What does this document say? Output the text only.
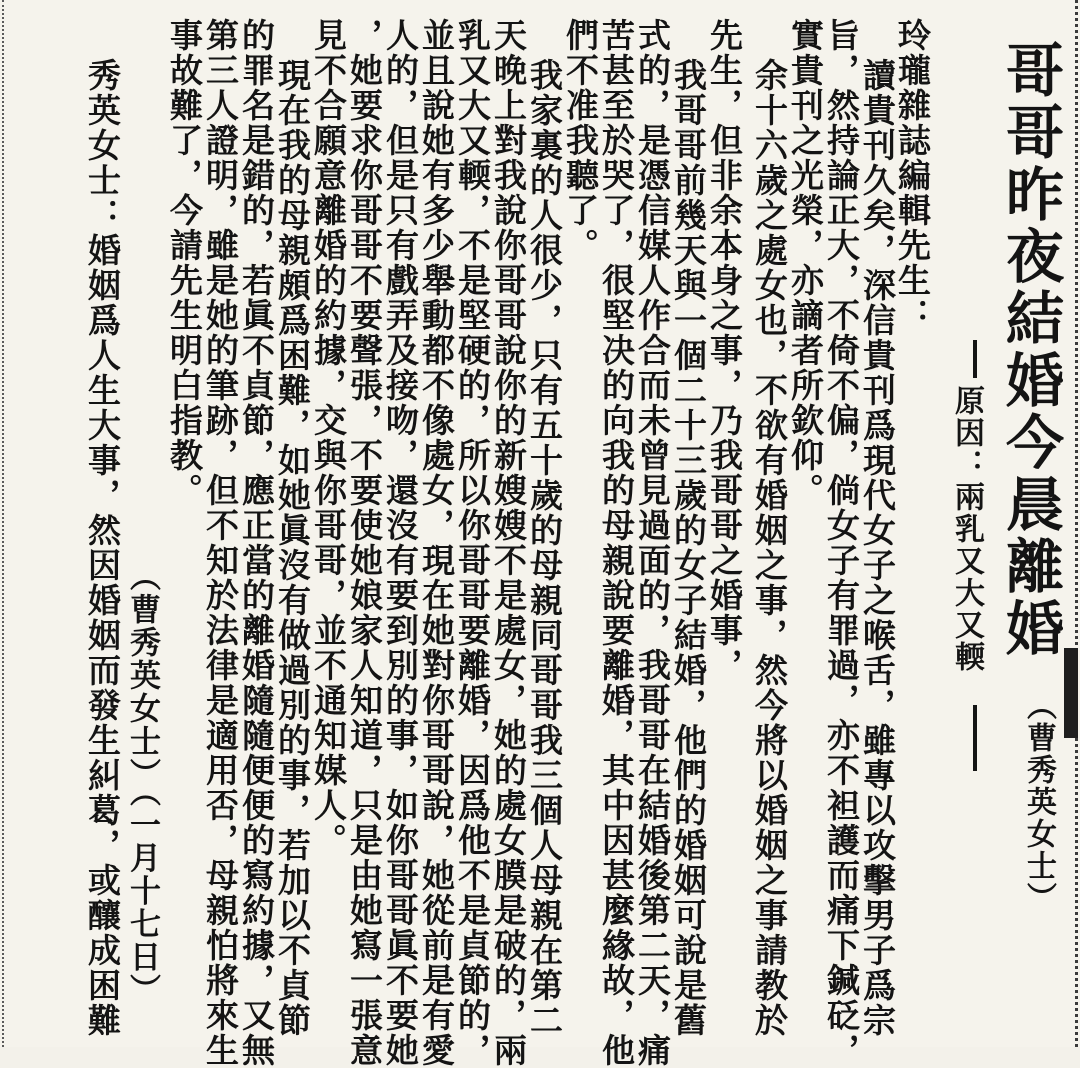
哥哥昨夜結婚今晨離婚
（曹秀英女士）
原因：兩乳又大又輭
玲瓏雜誌編輯先生：
讀貴刊久矣，深信貴刊爲現代女子之喉舌，雖專以攻擊男子爲宗
旨，然持論正大，不倚不偏，倘女子有罪過，亦不袒護而痛下鍼砭，
實貴刊之光榮，亦謫者所欽仰。
余十六歲之處女也，不欲有婚姻之事，然今將以婚姻之事請教於
先生，但非余本身之事，乃我哥哥之婚事，
我哥哥前幾天與一個二十三歲的女子結婚，他們的婚姻可說是舊
式的，是憑信媒人作合而未曾見過面的，我哥哥在結婚後第二天，痛
苦甚至於哭了，很堅决的向我的母親說要離婚，其中因甚麼緣故，他
們不准我聽了。
我家裏的人很少，只有五十歲的母親同哥哥我三個人母親在第二
天晚上對我說你哥哥說你的新嫂嫂不是處女，她的處女膜是破的，兩
乳又大又輭，不是堅硬的，所以你哥哥要離婚，因爲他不是貞節的，
並且說她有多少舉動都不像處女，現在她對你哥哥說，她從前是有愛
人的，但是只有戲弄及接吻，還沒有要到別的事，如你哥哥眞不要她
，她要求你哥哥不要聲張，不要使她娘家人知道，只是由她寫一張意
見不合願意離婚的約據，交與你哥哥，並不通知媒人。
現在我的母親頗爲困難，如她眞沒有做過別的事，若加以不貞節
的罪名是錯的，若眞不貞節，應正當的離婚隨隨便便的寫約據，又無
第三人證明，雖是她的筆跡，但不知於法律是適用否，母親怕將來生
事故難了，今請先生明白指教。
秀英女士：婚姻爲人生大事，然因婚姻而發生糾葛，或釀成困難 （曹秀英女士）（一月十七日）
